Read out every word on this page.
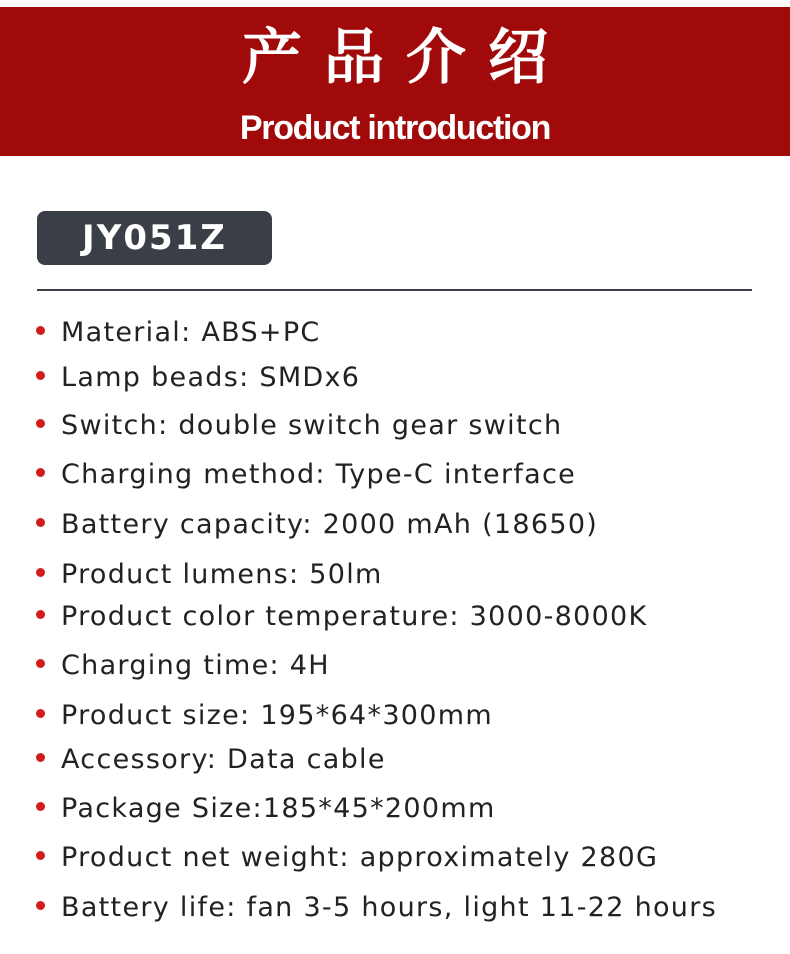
产品介绍
Product introduction
JY051Z
Material: ABS+PC
Lamp beads: SMDx6
Switch: double switch gear switch
Charging method: Type-C interface
Battery capacity: 2000 mAh (18650)
Product lumens: 50lm
Product color temperature: 3000-8000K
Charging time: 4H
Product size: 195*64*300mm
Accessory: Data cable
Package Size:185*45*200mm
Product net weight: approximately 280G
Battery life: fan 3-5 hours, light 11-22 hours
